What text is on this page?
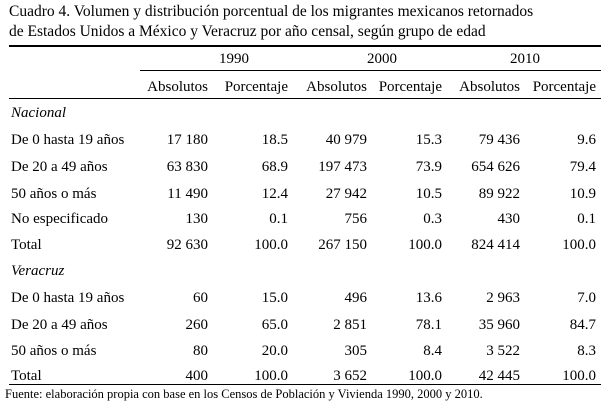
Cuadro 4. Volumen y distribución porcentual de los migrantes mexicanos retornados
de Estados Unidos a México y Veracruz por año censal, según grupo de edad
1990	2000	2010
Absolutos	Porcentaje	Absolutos Porcentaje	Absolutos Porcentaje
Nacional
De 0 hasta 19 años	17 180	18.5	40 979	15.3	79 436	9.6
De 20 a 49 años	63 830	68.9	197 473	73.9	654 626	79.4
50 años o más	11 490	12.4	27 942	10.5	89 922	10.9
No especificado	130	0.1	756	0.3	430	0.1
Total	92 630	100.0	267 150	100.0	824 414	100.0
Veracruz
De 0 hasta 19 años	60	15.0	496	13.6	2 963	7.0
De 20 a 49 años	260	65.0	2 851	78.1	35 960	84.7
50 años o más	80	20.0	305	8.4	3 522	8.3
Total	400	100.0	3 652	100.0	42 445	100.0
Fuente: elaboración propia con base en los Censos de Población y Vivienda 1990, 2000 y 2010.
